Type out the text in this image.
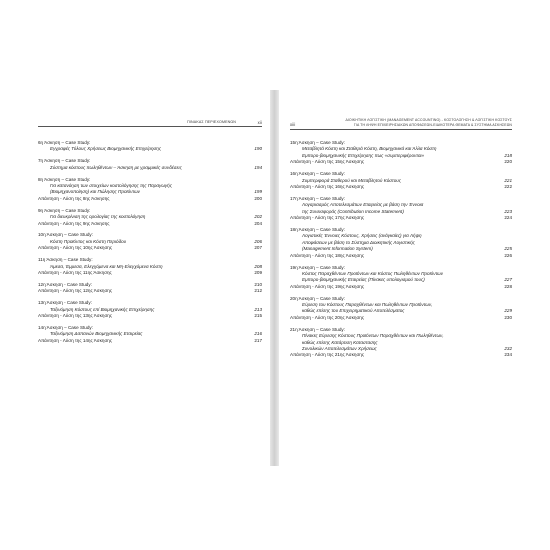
ΠΙΝΑΚΑΣ ΠΕΡΙΕΧΟΜΕΝΩΝ	xii
6η Άσκηση – Case Study:
Εγγραφές Τύλους Χρήσεως Βιομηχανικής Επιχείρησης	190
7η Άσκηση – Case Study:
Σύστημα κόστους πωληθέντων – Άσκηση με γραμμικές συνδέσεις	194
8η Άσκηση – Case Study:
Για κατανόηση των στοιχείων κοστολόγησης της Παραγωγής
(Βιομηχανοποίηση) και Πώλησης Προϊόντων	199
Απάντηση - Λύση της 8ης Άσκησης	200
9η Άσκηση – Case Study:
Για διευκρίνιση της ορολογίας της κοστολόγηση	202
Απάντηση - Λύση της 9ης Άσκησης	204
10η Άσκηση – Case Study:
Κόστη Προϊόντος και Κόστη Περιόδου	206
Απάντηση - Λύση της 10ης Άσκησης	207
11η Άσκηση – Case Study:
Άμεσα, Έμμεσα, Ελεγχόμενα και Μη-Ελεγχόμενα Κόστη	208
Απάντηση - Λύση της 11ης Άσκησης	209
12η Άσκηση - Case Study:	210
Απάντηση - Λύση της 12ης Άσκησης	212
13η Άσκηση - Case Study:
Ταξινόμηση Κόστους επί Βιομηχανικής Επιχείρησης	213
Απάντηση - Λύση της 13ης Άσκησης	215
14η Άσκηση – Case Study:
Ταξινόμηση Δαπανών Βιομηχανικής Εταιρείας	216
Απάντηση - Λύση της 14ης Άσκησης	217
xiii
ΔΙΟΙΚΗΤΙΚΗ ΛΟΓΙΣΤΙΚΗ (MANAGEMENT ACCOUNTING) - ΚΟΣΤΟΛΟΓΗΣΗ & ΛΟΓΙΣΤΙΚΗ ΚΟΣΤΟΥΣ
ΓΙΑ ΤΗ ΛΗΨΗ ΕΠΙΧΕΙΡΗΣΙΑΚΩΝ ΑΠΟΦΑΣΕΩΝ-ΕΙΔΙΚΟΤΕΡΑ ΘΕΜΑΤΑ & ΣΥΣΤΗΜΑ ΑΣΚΗΣΕΩΝ
15η Άσκηση – Case Study:
Μεταβλητά Κόστη και Σταθερά Κόστη, Βιομηχανικά και Άλλα Κόστη
Εμπορο-βιομηχανικής Επιχείρησης πως «συμπεριφέρονται»	218
Απάντηση - Λύση της 15ης Άσκησης	220
16η Άσκηση – Case Study:
Συμπεριφορά Σταθερού και Μεταβλητού Κόστους	221
Απάντηση - Λύση της 16ης Άσκησης	222
17η Άσκηση – Case Study:
Λογαριασμός Αποτελεσμάτων Εταιρείας με βάση την Έννοια
της Συνεισφοράς (Contribution Income Statement)	223
Απάντηση - Λύση της 17ης Άσκησης	224
18η Άσκηση – Case Study:
Λογιστικές Έννοιες Κόστους, Χρήσεις (ανάγκαίες) για Λήψη
Αποφάσεων με βάση το Σύστημα Διοικητικής Λογιστικής
(Management Information System)	225
Απάντηση - Λύση της 18ης Άσκησης	226
19η Άσκηση – Case Study:
Κόστος Παραχθέντων Προϊόντων και Κόστος Πωληθέντων Προϊόντων
Εμπορο-βιομηχανικής Εταιρείας (Πίνακες υπολογισμού τους)	227
Απάντηση - Λύση της 19ης Άσκησης	228
20η Άσκηση – Case Study:
Εύρεση του Κόστους Παραχθέντων και Πωληθέντων Προϊόντων,
καθώς επίσης του Επιχειρηματικού Αποτελέσματος	229
Απάντηση - Λύση της 20ης Άσκησης	230
21η Άσκηση – Case Study:
Πίνακες Εύρεσης Κόστους Προϊόντων Παραχθέντων και Πωληθέντων,
καθώς επίσης Κατάρτιση Καταστασης
Συνολικών Αποτελεσμάτων Χρήσεως	232
Απάντηση - Λύση της 21ης Άσκησης	234
